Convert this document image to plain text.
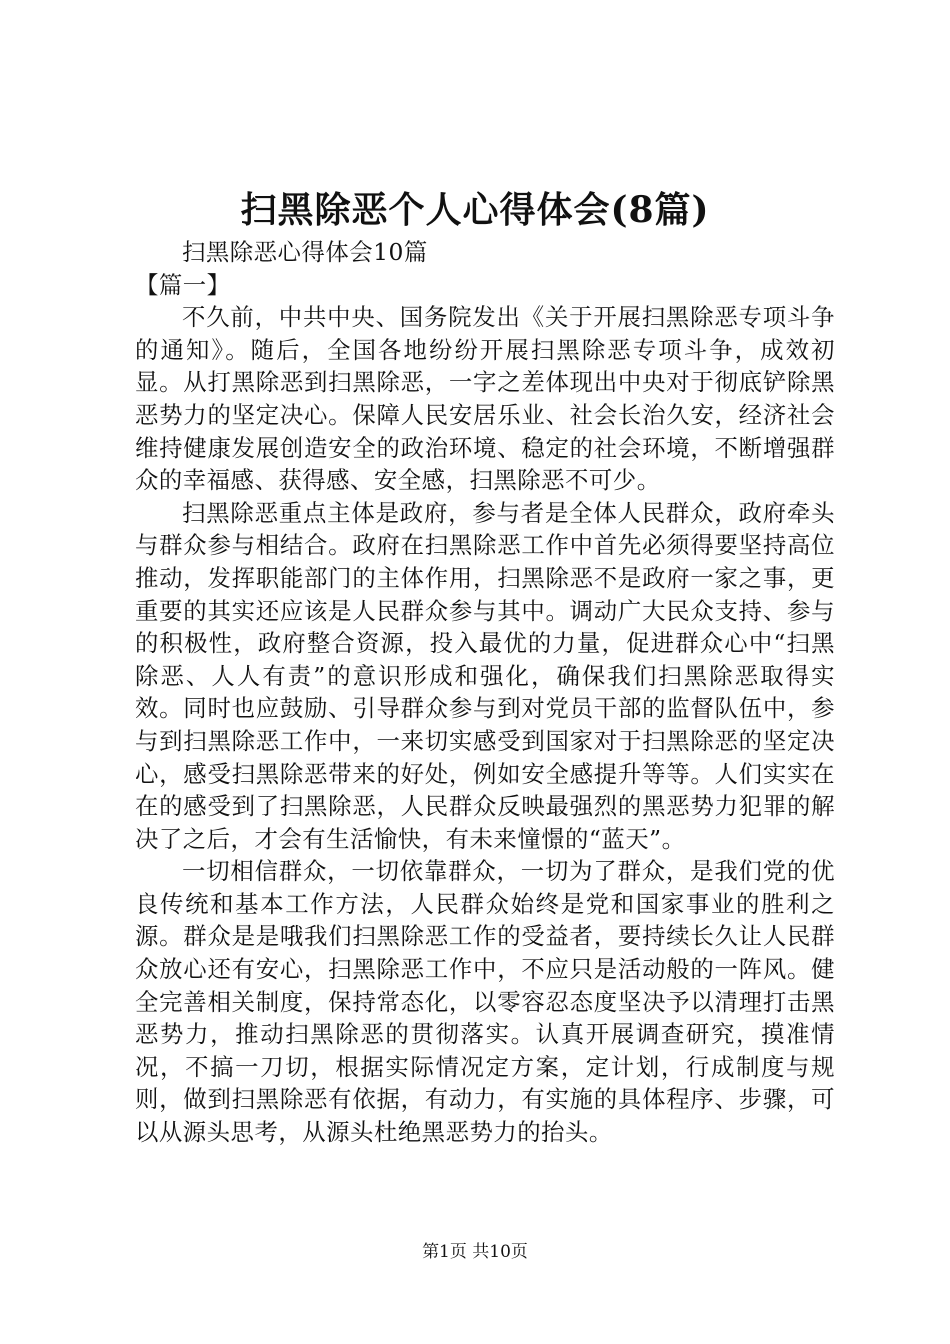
扫黑除恶个人心得体会(8篇)

扫黑除恶心得体会10篇

【篇一】

不久前，中共中央、国务院发出《关于开展扫黑除恶专项斗争的通知》。随后，全国各地纷纷开展扫黑除恶专项斗争，成效初显。从打黑除恶到扫黑除恶，一字之差体现出中央对于彻底铲除黑恶势力的坚定决心。保障人民安居乐业、社会长治久安，经济社会维持健康发展创造安全的政治环境、稳定的社会环境，不断增强群众的幸福感、获得感、安全感，扫黑除恶不可少。

扫黑除恶重点主体是政府，参与者是全体人民群众，政府牵头与群众参与相结合。政府在扫黑除恶工作中首先必须得要坚持高位推动，发挥职能部门的主体作用，扫黑除恶不是政府一家之事，更重要的其实还应该是人民群众参与其中。调动广大民众支持、参与的积极性，政府整合资源，投入最优的力量，促进群众心中“扫黑除恶、人人有责”的意识形成和强化，确保我们扫黑除恶取得实效。同时也应鼓励、引导群众参与到对党员干部的监督队伍中，参与到扫黑除恶工作中，一来切实感受到国家对于扫黑除恶的坚定决心，感受扫黑除恶带来的好处，例如安全感提升等等。人们实实在在的感受到了扫黑除恶，人民群众反映最强烈的黑恶势力犯罪的解决了之后，才会有生活愉快，有未来憧憬的“蓝天”。

一切相信群众，一切依靠群众，一切为了群众，是我们党的优良传统和基本工作方法，人民群众始终是党和国家事业的胜利之源。群众是是哦我们扫黑除恶工作的受益者，要持续长久让人民群众放心还有安心，扫黑除恶工作中，不应只是活动般的一阵风。健全完善相关制度，保持常态化，以零容忍态度坚决予以清理打击黑恶势力，推动扫黑除恶的贯彻落实。认真开展调查研究，摸准情况，不搞一刀切，根据实际情况定方案，定计划，行成制度与规则，做到扫黑除恶有依据，有动力，有实施的具体程序、步骤，可以从源头思考，从源头杜绝黑恶势力的抬头。

第1页 共10页
